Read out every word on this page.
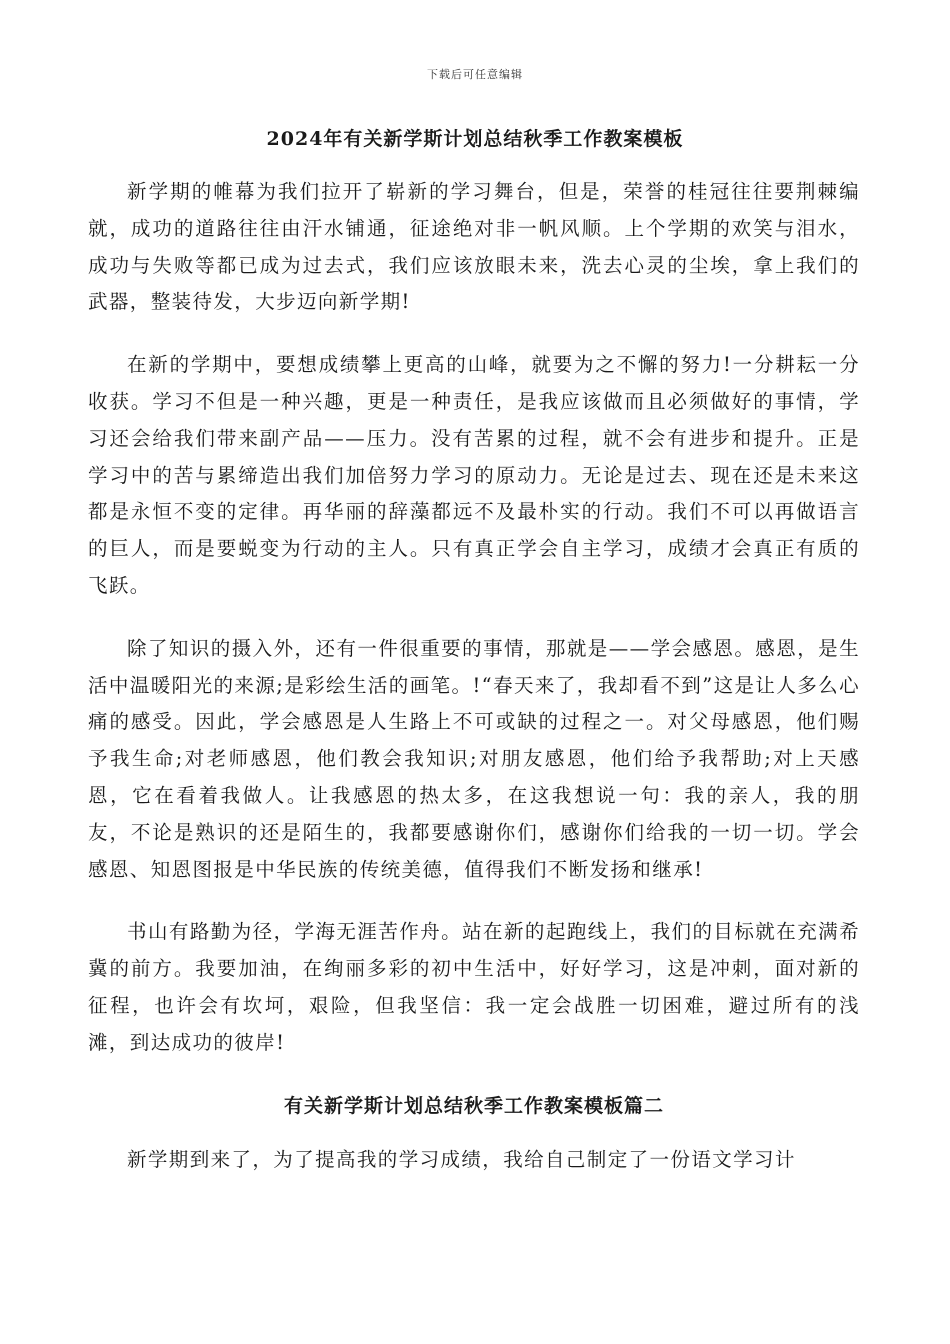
下载后可任意编辑
2024年有关新学斯计划总结秋季工作教案模板

新学期的帷幕为我们拉开了崭新的学习舞台，但是，荣誉的桂冠往往要荆棘编就，成功的道路往往由汗水铺通，征途绝对非一帆风顺。上个学期的欢笑与泪水，成功与失败等都已成为过去式，我们应该放眼未来，洗去心灵的尘埃，拿上我们的武器，整装待发，大步迈向新学期!

在新的学期中，要想成绩攀上更高的山峰，就要为之不懈的努力!一分耕耘一分收获。学习不但是一种兴趣，更是一种责任，是我应该做而且必须做好的事情，学习还会给我们带来副产品——压力。没有苦累的过程，就不会有进步和提升。正是学习中的苦与累缔造出我们加倍努力学习的原动力。无论是过去、现在还是未来这都是永恒不变的定律。再华丽的辞藻都远不及最朴实的行动。我们不可以再做语言的巨人，而是要蜕变为行动的主人。只有真正学会自主学习，成绩才会真正有质的飞跃。

除了知识的摄入外，还有一件很重要的事情，那就是——学会感恩。感恩，是生活中温暖阳光的来源;是彩绘生活的画笔。!“春天来了，我却看不到”这是让人多么心痛的感受。因此，学会感恩是人生路上不可或缺的过程之一。对父母感恩，他们赐予我生命;对老师感恩，他们教会我知识;对朋友感恩，他们给予我帮助;对上天感恩，它在看着我做人。让我感恩的热太多，在这我想说一句：我的亲人，我的朋友，不论是熟识的还是陌生的，我都要感谢你们，感谢你们给我的一切一切。学会感恩、知恩图报是中华民族的传统美德，值得我们不断发扬和继承!

书山有路勤为径，学海无涯苦作舟。站在新的起跑线上，我们的目标就在充满希冀的前方。我要加油，在绚丽多彩的初中生活中，好好学习，这是冲刺，面对新的征程，也许会有坎坷，艰险，但我坚信：我一定会战胜一切困难，避过所有的浅滩，到达成功的彼岸!

有关新学斯计划总结秋季工作教案模板篇二

新学期到来了，为了提高我的学习成绩，我给自己制定了一份语文学习计
